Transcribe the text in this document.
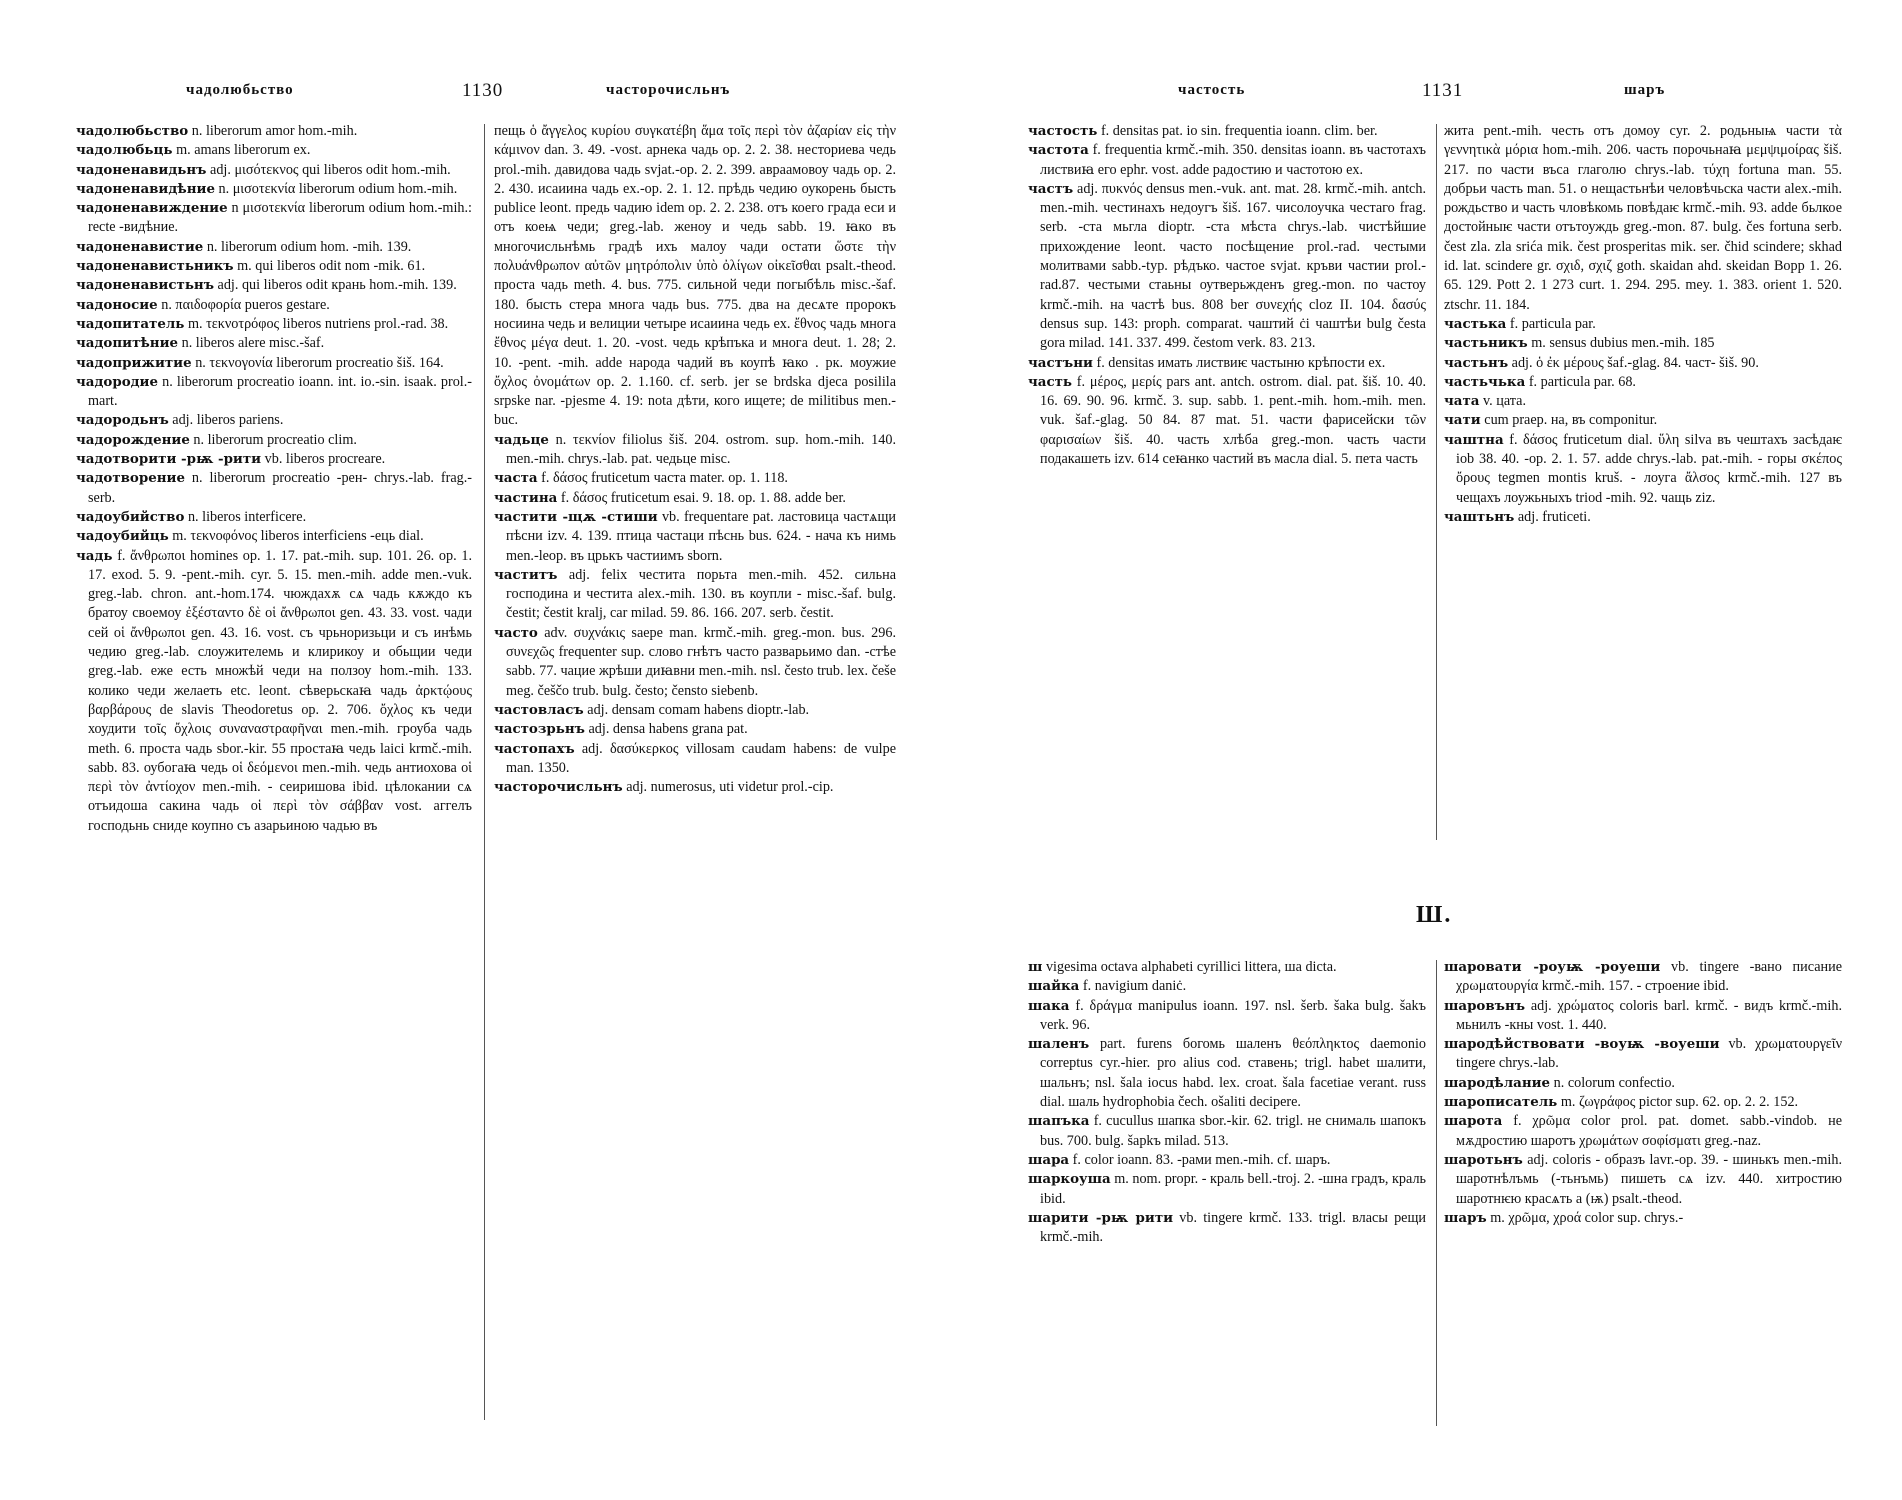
чадолюбьство	1130	часторочисльнъ	частость	1131	шаръ

чадолюбьство n. liberorum amor hom.-mih.

чадолюбьць m. amans liberorum ex.

чадоненавидьнъ adj. μισότεκνος qui liberos odit hom.-mih.

чадоненавидѣние n. μισοτεκνία liberorum odium hom.-mih.

чадоненавиждение n μισοτεκνία liberorum odium hom.-mih.: recte -видѣние.

чадоненавистие n. liberorum odium hom. -mih. 139.

чадоненавистьникъ m. qui liberos odit nom -mik. 61.

чадоненавистьнъ adj. qui liberos odit крань hom.-mih. 139.

чадоносие n. παιδοφορία pueros gestare.

чадопитатель m. τεκνοτρόφος liberos nutriens prol.-rad. 38.

чадопитѣние n. liberos alere misc.-šaf.

чадоприжитие n. τεκνογονία liberorum procreatio šiš. 164.

чадородие n. liberorum procreatio ioann. int. io.-sin. isaak. prol.-mart.

чадородьнъ adj. liberos pariens.

чадорождение n. liberorum procreatio clim.

чадотворити -рѭ -рити vb. liberos procreare.

чадотворение n. liberorum procreatio -рен- chrys.-lab. frag.-serb.

чадоубийство n. liberos interficere.

чадоубийць m. τεκνοφόνος liberos interficiens -ець dial.

чадь f. ἄνθρωποι homines op. 1. 17. pat.-mih. sup. 101. 26. op. 1. 17. exod. 5. 9. -pent.-mih. cyr. 5. 15. men.-mih. adde men.-vuk. greg.-lab. chron. ant.-hom.174. чюждахѫ сѧ чадь кѫждо къ братоу своемоу ἐξέσταντο δὲ οἱ ἄνθρωποι gen. 43. 33. vost. чади сей οἱ ἄνθρωποι gen. 43. 16. vost. съ чрьноризьци и съ инѣмь чедию greg.-lab. слоужителемь и клирикоу и обьщии чеди greg.-lab. еже есть множѣй чеди на ползоу hom.-mih. 133. колико чеди желаеть etc. leont. сѣверьскаꙗ чадь ἀρκτῴους βαρβάρους de slavis Theodoretus op. 2. 706. ὄχλος къ чеди хоудити τοῖς ὄχλοις συναναστραφῆναι men.-mih. гроуба чадь meth. 6. проста чадь sbor.-kir. 55 простаꙗ чедь laici krmč.-mih. sabb. 83. оубогаꙗ чедь οἱ δεόμενοι men.-mih. чедь антиохова οἱ περὶ τὸν ἀντίοχον men.-mih. - сеиришова ibid. цѣлокании сѧ отъидоша сакина чадь οἱ περὶ τὸν σάββαν vost. аггелъ господьнь сниде коупно съ азарьиною чадью въ

пещь ὁ ἄγγελος κυρίου συγκατέβη ἅμα τοῖς περὶ τὸν ἀζαρίαν εἰς τὴν κάμινον dan. 3. 49. -vost. арнека чадь op. 2. 2. 38. несториева чедь prol.-mih. давидова чадь svjat.-op. 2. 2. 399. авраамовоу чадь op. 2. 2. 430. исаиина чадь ex.-op. 2. 1. 12. прѣдь чедию оукорень бысть publice leont. предь чадию idem op. 2. 2. 238. отъ коего града еси и отъ коеѩ чеди; greg.-lab. женоу и чедь sabb. 19. ꙗко въ многочисльнѣмь градѣ ихъ малоу чади остати ὥστε τὴν πολυάνθρωπον αὐτῶν μητρόπολιν ὑπὸ ὀλίγων οἰκεῖσθαι psalt.-theod. проста чадь meth. 4. bus. 775. сильной чеди погыбѣль misc.-šaf. 180. бысть стера многа чадь bus. 775. два на десѧте пророкъ носиина чедь и велиции четыре исаиина чедь ex. ἔθνος чадь многа ἔθνος μέγα deut. 1. 20. -vost. чедь крѣпъка и многа deut. 1. 28; 2. 10. -pent. -mih. adde народа чадий въ коупѣ ꙗко . рк. моужие ὄχλος ὀνομάτων op. 2. 1.160. cf. serb. jer se brdska djeca posilila srpske nar. -pjesme 4. 19: nota дѣти, кого ищете; de militibus men.-buc.

чадьце n. τεκνίον filiolus šiš. 204. ostrom. sup. hom.-mih. 140. men.-mih. chrys.-lab. pat. чедьце misc.

часта f. δάσος fruticetum часта mater. op. 1. 118.

частина f. δάσος fruticetum esai. 9. 18. op. 1. 88. adde ber.

частити -щѫ -стиши vb. frequentare pat. ластовица частѧщи пѣсни izv. 4. 139. птица частаци пѣснь bus. 624. - нача къ нимь men.-leop. въ црькъ частиимъ sborn.

частитъ adj. felix честита порьта men.-mih. 452. сильна господина и честита alex.-mih. 130. въ коупли - misc.-šaf. bulg. čestit; čestit kralj, car milad. 59. 86. 166. 207. serb. čestit.

часто adv. συχνάκις saepe man. krmč.-mih. greg.-mon. bus. 296. συνεχῶς frequenter sup. слово гнѣтъ часто разварьимо dan. -стѣе sabb. 77. чацие жрѣши диꙗвни men.-mih. nsl. često trub. lex. češe meg. češčo trub. bulg. često; čensto siebenb.

частовласъ adj. densam comam habens dioptr.-lab.

частозрьнъ adj. densa habens grana pat.

частопахъ adj. δασύκερκος villosam caudam habens: de vulpe man. 1350.

часторочисльнъ adj. numerosus, uti videtur prol.-cip.

частость f. densitas pat. io sin. frequentia ioann. clim. ber.

частота f. frequentia krmč.-mih. 350. densitas ioann. въ частотахъ листвиꙗ его ephr. vost. adde радостию и частотою ex.

частъ adj. πυκνός densus men.-vuk. ant. mat. 28. krmč.-mih. antch. men.-mih. честинахъ недоугъ šiš. 167. чисолоучка честаго frag. serb. -ста мьгла dioptr. -ста мѣста chrys.-lab. чистѣйшие прихождение leont. часто посѣщение prol.-rad. честыми молитвами sabb.-typ. рѣдъко. частое svjat. кръви частии prol.-rad.87. честыми стаьны оутверьжденъ greg.-mon. по частоу krmč.-mih. на частѣ bus. 808 ber συνεχής cloz II. 104. δασύς densus sup. 143: proph. comparat. чаштий ċi чаштѣи bulg česta gora milad. 141. 337. 499. čestom verk. 83. 213.

частъни f. densitas имать листвиѥ частыню крѣпости ex.

часть f. μέρος, μερίς pars ant. antch. ostrom. dial. pat. šiš. 10. 40. 16. 69. 90. 96. krmč. 3. sup. sabb. 1. pent.-mih. hom.-mih. men. vuk. šaf.-glag. 50 84. 87 mat. 51. части фарисейски τῶν φαρισαίων šiš. 40. часть хлѣба greg.-mon. часть части подакашеть izv. 614 сеꙗнко частий въ масла dial. 5. пета часть

жита pent.-mih. честь отъ домоу cyr. 2. родьныѩ части τὰ γεννητικὰ μόρια hom.-mih. 206. часть порочьнаꙗ μεμψιμοίρας šiš. 217. по части въса глаголю chrys.-lab. τύχη fortuna man. 55. добрьи часть man. 51. о нещастьнѣи человѣчьска части alex.-mih. рождьство и часть чловѣкомь повѣдаѥ krmč.-mih. 93. adde бьлкое достойныѥ части отътоуждь greg.-mon. 87. bulg. čes fortuna serb. čest zla. zla srića mik. čest prosperitas mik. ser. čhid scindere; skhad id. lat. scindere gr. σχιδ, σχιζ goth. skaidan ahd. skeidan Bopp 1. 26. 65. 129. Pott 2. 1 273 curt. 1. 294. 295. mey. 1. 383. orient 1. 520. ztschr. 11. 184.

частька f. particula par.

частьникъ m. sensus dubius men.-mih. 185

частьнъ adj. ὁ ἐκ μέρους šaf.-glag. 84. част- šiš. 90.

частьчька f. particula par. 68.

чата v. цата.

чати cum praep. на, въ componitur.

чаштна f. δάσος fruticetum dial. ὕλη silva въ чештахъ засѣдаѥ iob 38. 40. -op. 2. 1. 57. adde chrys.-lab. pat.-mih. - горы σκέπος ὄρους tegmen montis kruš. - лоуга ἄλσος krmč.-mih. 127 въ чещахъ лоужьныхъ triod -mih. 92. чащь ziz.

чаштьнъ adj. fruticeti.

Ш.

ш vigesima octava alphabeti cyrillici littera, ша dicta.

шайка f. navigium daniċ.

шака f. δράγμα manipulus ioann. 197. nsl. šerb. šaka bulg. šakъ verk. 96.

шаленъ part. furens богомь шаленъ θεόπληκτος daemonio correptus cyr.-hier. pro alius cod. ставень; trigl. habet шалити, шальнъ; nsl. šala iocus habd. lex. croat. šala facetiae verant. russ dial. шаль hydrophobia čech. ošaliti decipere.

шапъка f. cucullus шапка sbor.-kir. 62. trigl. не снималь шапокъ bus. 700. bulg. šapkъ milad. 513.

шара f. color ioann. 83. -рами men.-mih. cf. шаръ.

шаркоуша m. nom. propr. - краль bell.-troj. 2. -шна градъ, краль ibid.

шарити -рѭ рити vb. tingere krmč. 133. trigl. власы рещи krmč.-mih.

шаровати -роуѭ -роуеши vb. tingere -вано писание χρωματουργία krmč.-mih. 157. - строение ibid.

шаровънъ adj. χρώματος coloris barl. krmč. - видъ krmč.-mih. мьнилъ -кны vost. 1. 440.

шародѣйствовати -воуѭ -воуеши vb. χρωματουργεῖν tingere chrys.-lab.

шародѣлание n. colorum confectio.

шарописатель m. ζωγράφος pictor sup. 62. op. 2. 2. 152.

шарота f. χρῶμα color prol. pat. domet. sabb.-vindob. не мѫдростию шаротъ χρωμάτων σοφίσματι greg.-naz.

шаротьнъ adj. coloris - образъ lavr.-op. 39. - шинькъ men.-mih. шаротнѣлъмь (-тьнъмь) пишеть сѧ izv. 440. хитростию шаротнѥю красѧть а (ѭ) psalt.-theod.

шаръ m. χρῶμα, χροά color sup. chrys.-
